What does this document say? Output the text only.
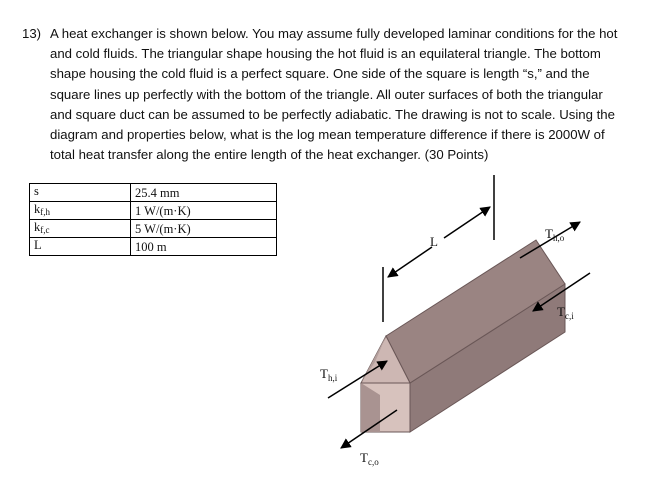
13) A heat exchanger is shown below. You may assume fully developed laminar conditions for the hot and cold fluids. The triangular shape housing the hot fluid is an equilateral triangle. The bottom shape housing the cold fluid is a perfect square. One side of the square is length “s,” and the square lines up perfectly with the bottom of the triangle. All outer surfaces of both the triangular and square duct can be assumed to be perfectly adiabatic. The drawing is not to scale. Using the diagram and properties below, what is the log mean temperature difference if there is 2000W of total heat transfer along the entire length of the heat exchanger. (30 Points)

s	25.4 mm
$k_{f,h}$	1 W/(m·K)
$k_{f,c}$	5 W/(m·K)
L	100 m	L
$T_{h,o}$
$T_{c,i}$
$T_{h,i}$
$T_{c,o}$
